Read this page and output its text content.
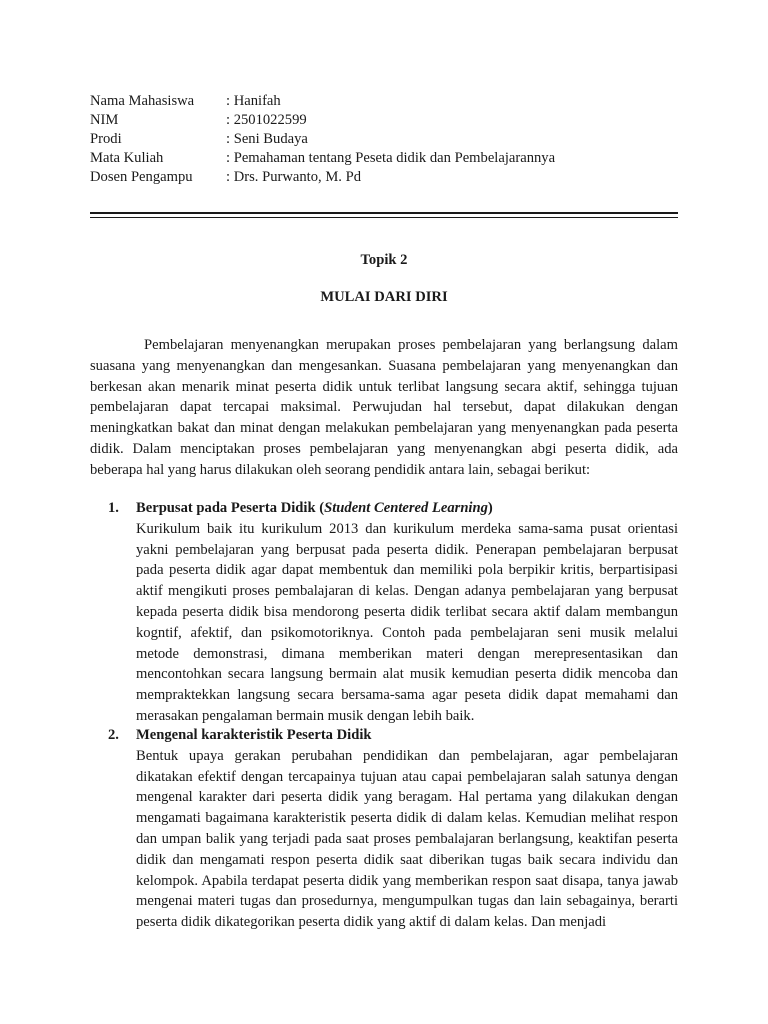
Nama Mahasiswa	: Hanifah
NIM	: 2501022599
Prodi	: Seni Budaya
Mata Kuliah	: Pemahaman tentang Peseta didik dan Pembelajarannya
Dosen Pengampu	: Drs. Purwanto, M. Pd
Topik 2
MULAI DARI DIRI

Pembelajaran menyenangkan merupakan proses pembelajaran yang berlangsung dalam suasana yang menyenangkan dan mengesankan. Suasana pembelajaran yang menyenangkan dan berkesan akan menarik minat peserta didik untuk terlibat langsung secara aktif, sehingga tujuan pembelajaran dapat tercapai maksimal. Perwujudan hal tersebut, dapat dilakukan dengan meningkatkan bakat dan minat dengan melakukan pembelajaran yang menyenangkan pada peserta didik. Dalam menciptakan proses pembelajaran yang menyenangkan abgi peserta didik, ada beberapa hal yang harus dilakukan oleh seorang pendidik antara lain, sebagai berikut:

1. Berpusat pada Peserta Didik (Student Centered Learning)

Kurikulum baik itu kurikulum 2013 dan kurikulum merdeka sama-sama pusat orientasi yakni pembelajaran yang berpusat pada peserta didik. Penerapan pembelajaran berpusat pada peserta didik agar dapat membentuk dan memiliki pola berpikir kritis, berpartisipasi aktif mengikuti proses pembalajaran di kelas. Dengan adanya pembelajaran yang berpusat kepada peserta didik bisa mendorong peserta didik terlibat secara aktif dalam membangun kogntif, afektif, dan psikomotoriknya. Contoh pada pembelajaran seni musik melalui metode demonstrasi, dimana memberikan materi dengan merepresentasikan dan mencontohkan secara langsung bermain alat musik kemudian peserta didik mencoba dan mempraktekkan langsung secara bersama-sama agar peseta didik dapat memahami dan merasakan pengalaman bermain musik dengan lebih baik.

2. Mengenal karakteristik Peserta Didik

Bentuk upaya gerakan perubahan pendidikan dan pembelajaran, agar pembelajaran dikatakan efektif dengan tercapainya tujuan atau capai pembelajaran salah satunya dengan mengenal karakter dari peserta didik yang beragam. Hal pertama yang dilakukan dengan mengamati bagaimana karakteristik peserta didik di dalam kelas. Kemudian melihat respon dan umpan balik yang terjadi pada saat proses pembalajaran berlangsung, keaktifan peserta didik dan mengamati respon peserta didik saat diberikan tugas baik secara individu dan kelompok. Apabila terdapat peserta didik yang memberikan respon saat disapa, tanya jawab mengenai materi tugas dan prosedurnya, mengumpulkan tugas dan lain sebagainya, berarti peserta didik dikategorikan peserta didik yang aktif di dalam kelas. Dan menjadi
